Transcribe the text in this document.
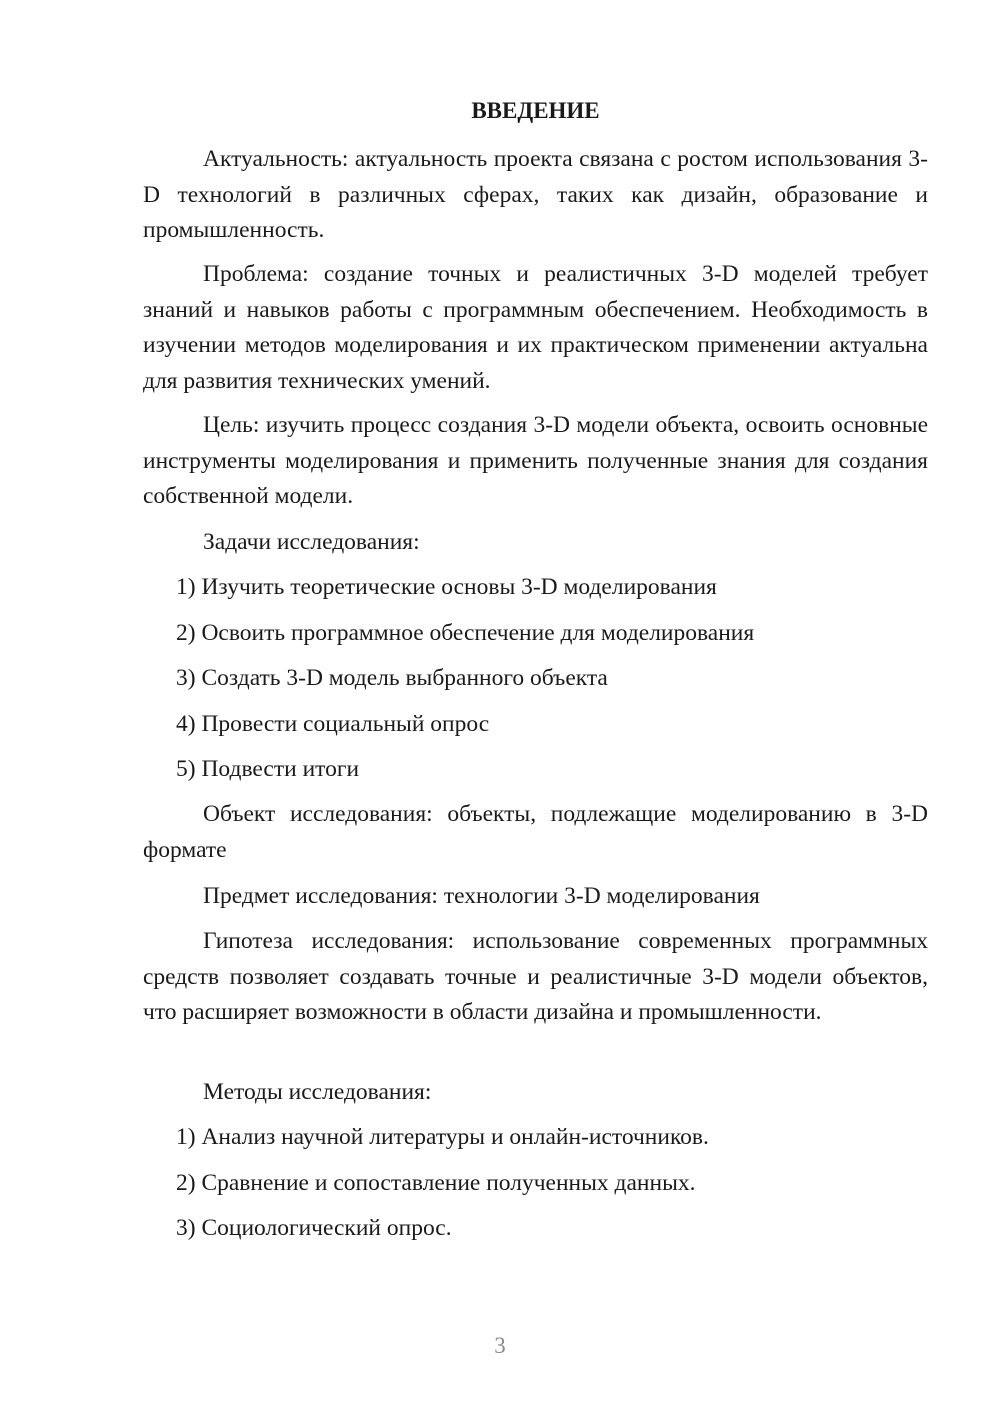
ВВЕДЕНИЕ

Актуальность: актуальность проекта связана с ростом использования 3-D технологий в различных сферах, таких как дизайн, образование и промышленность.

Проблема: создание точных и реалистичных 3-D моделей требует знаний и навыков работы с программным обеспечением. Необходимость в изучении методов моделирования и их практическом применении актуальна для развития технических умений.

Цель: изучить процесс создания 3-D модели объекта, освоить основные инструменты моделирования и применить полученные знания для создания собственной модели.

Задачи исследования:

1) Изучить теоретические основы 3-D моделирования

2) Освоить программное обеспечение для моделирования

3) Создать 3-D модель выбранного объекта

4) Провести социальный опрос

5) Подвести итоги

Объект исследования: объекты, подлежащие моделированию в 3-D формате

Предмет исследования: технологии 3-D моделирования

Гипотеза исследования: использование современных программных средств позволяет создавать точные и реалистичные 3-D модели объектов, что расширяет возможности в области дизайна и промышленности.

Методы исследования:

1) Анализ научной литературы и онлайн-источников.

2) Сравнение и сопоставление полученных данных.

3) Социологический опрос.

3
